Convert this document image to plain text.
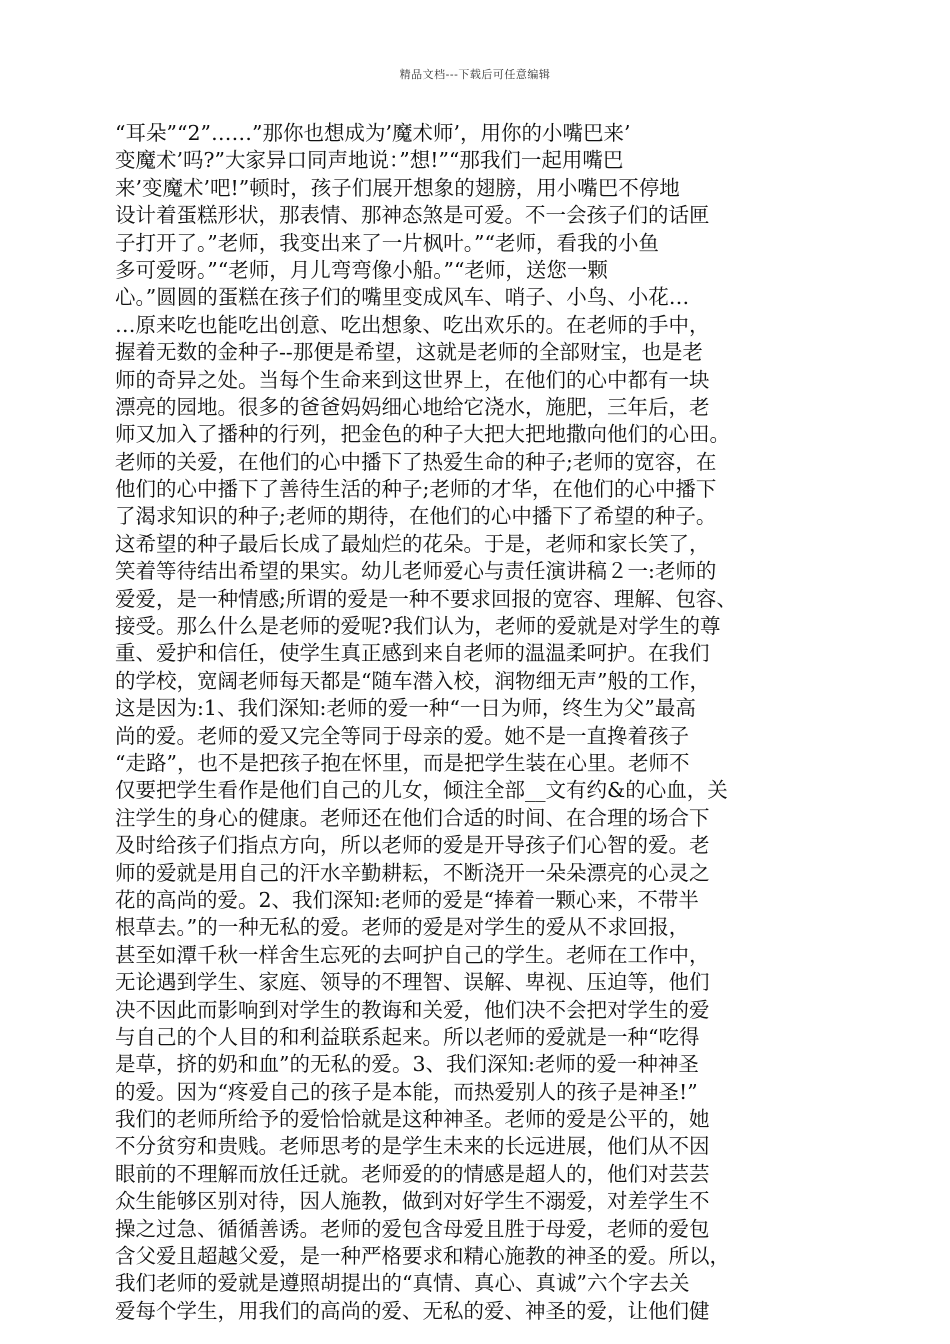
精品文档---下载后可任意编辑
“耳朵”“2”……”那你也想成为’魔术师’，用你的小嘴巴来’
变魔术’吗?”大家异口同声地说：”想!”“那我们一起用嘴巴
来’变魔术’吧!”顿时，孩子们展开想象的翅膀，用小嘴巴不停地
设计着蛋糕形状，那表情、那神态煞是可爱。不一会孩子们的话匣
子打开了。”老师，我变出来了一片枫叶。”“老师，看我的小鱼
多可爱呀。”“老师，月儿弯弯像小船。”“老师，送您一颗
心。”圆圆的蛋糕在孩子们的嘴里变成风车、哨子、小鸟、小花…
…原来吃也能吃出创意、吃出想象、吃出欢乐的。在老师的手中，
握着无数的金种子--那便是希望，这就是老师的全部财宝，也是老
师的奇异之处。当每个生命来到这世界上，在他们的心中都有一块
漂亮的园地。很多的爸爸妈妈细心地给它浇水，施肥，三年后，老
师又加入了播种的行列，把金色的种子大把大把地撒向他们的心田。
老师的关爱，在他们的心中播下了热爱生命的种子;老师的宽容，在
他们的心中播下了善待生活的种子;老师的才华，在他们的心中播下
了渴求知识的种子;老师的期待，在他们的心中播下了希望的种子。
这希望的种子最后长成了最灿烂的花朵。于是，老师和家长笑了，
笑着等待结出希望的果实。幼儿老师爱心与责任演讲稿２一:老师的
爱爱，是一种情感;所谓的爱是一种不要求回报的宽容、理解、包容、
接受。那么什么是老师的爱呢?我们认为，老师的爱就是对学生的尊
重、爱护和信任，使学生真正感到来自老师的温温柔呵护。在我们
的学校，宽阔老师每天都是“随车潜入校，润物细无声”般的工作，
这是因为:1、我们深知:老师的爱一种“一日为师，终生为父”最高
尚的爱。老师的爱又完全等同于母亲的爱。她不是一直搀着孩子
“走路”，也不是把孩子抱在怀里，而是把学生装在心里。老师不
仅要把学生看作是他们自己的儿女，倾注全部__文有约&的心血，关
注学生的身心的健康。老师还在他们合适的时间、在合理的场合下
及时给孩子们指点方向，所以老师的爱是开导孩子们心智的爱。老
师的爱就是用自己的汗水辛勤耕耘，不断浇开一朵朵漂亮的心灵之
花的高尚的爱。2、我们深知:老师的爱是“捧着一颗心来，不带半
根草去。”的一种无私的爱。老师的爱是对学生的爱从不求回报，
甚至如潭千秋一样舍生忘死的去呵护自己的学生。老师在工作中，
无论遇到学生、家庭、领导的不理智、误解、卑视、压迫等，他们
决不因此而影响到对学生的教诲和关爱，他们决不会把对学生的爱
与自己的个人目的和利益联系起来。所以老师的爱就是一种“吃得
是草，挤的奶和血”的无私的爱。3、我们深知:老师的爱一种神圣
的爱。因为“疼爱自己的孩子是本能，而热爱别人的孩子是神圣!”
我们的老师所给予的爱恰恰就是这种神圣。老师的爱是公平的，她
不分贫穷和贵贱。老师思考的是学生未来的长远进展，他们从不因
眼前的不理解而放任迁就。老师爱的的情感是超人的，他们对芸芸
众生能够区别对待，因人施教，做到对好学生不溺爱，对差学生不
操之过急、循循善诱。老师的爱包含母爱且胜于母爱，老师的爱包
含父爱且超越父爱，是一种严格要求和精心施教的神圣的爱。所以，
我们老师的爱就是遵照胡提出的“真情、真心、真诚”六个字去关
爱每个学生，用我们的高尚的爱、无私的爱、神圣的爱，让他们健
